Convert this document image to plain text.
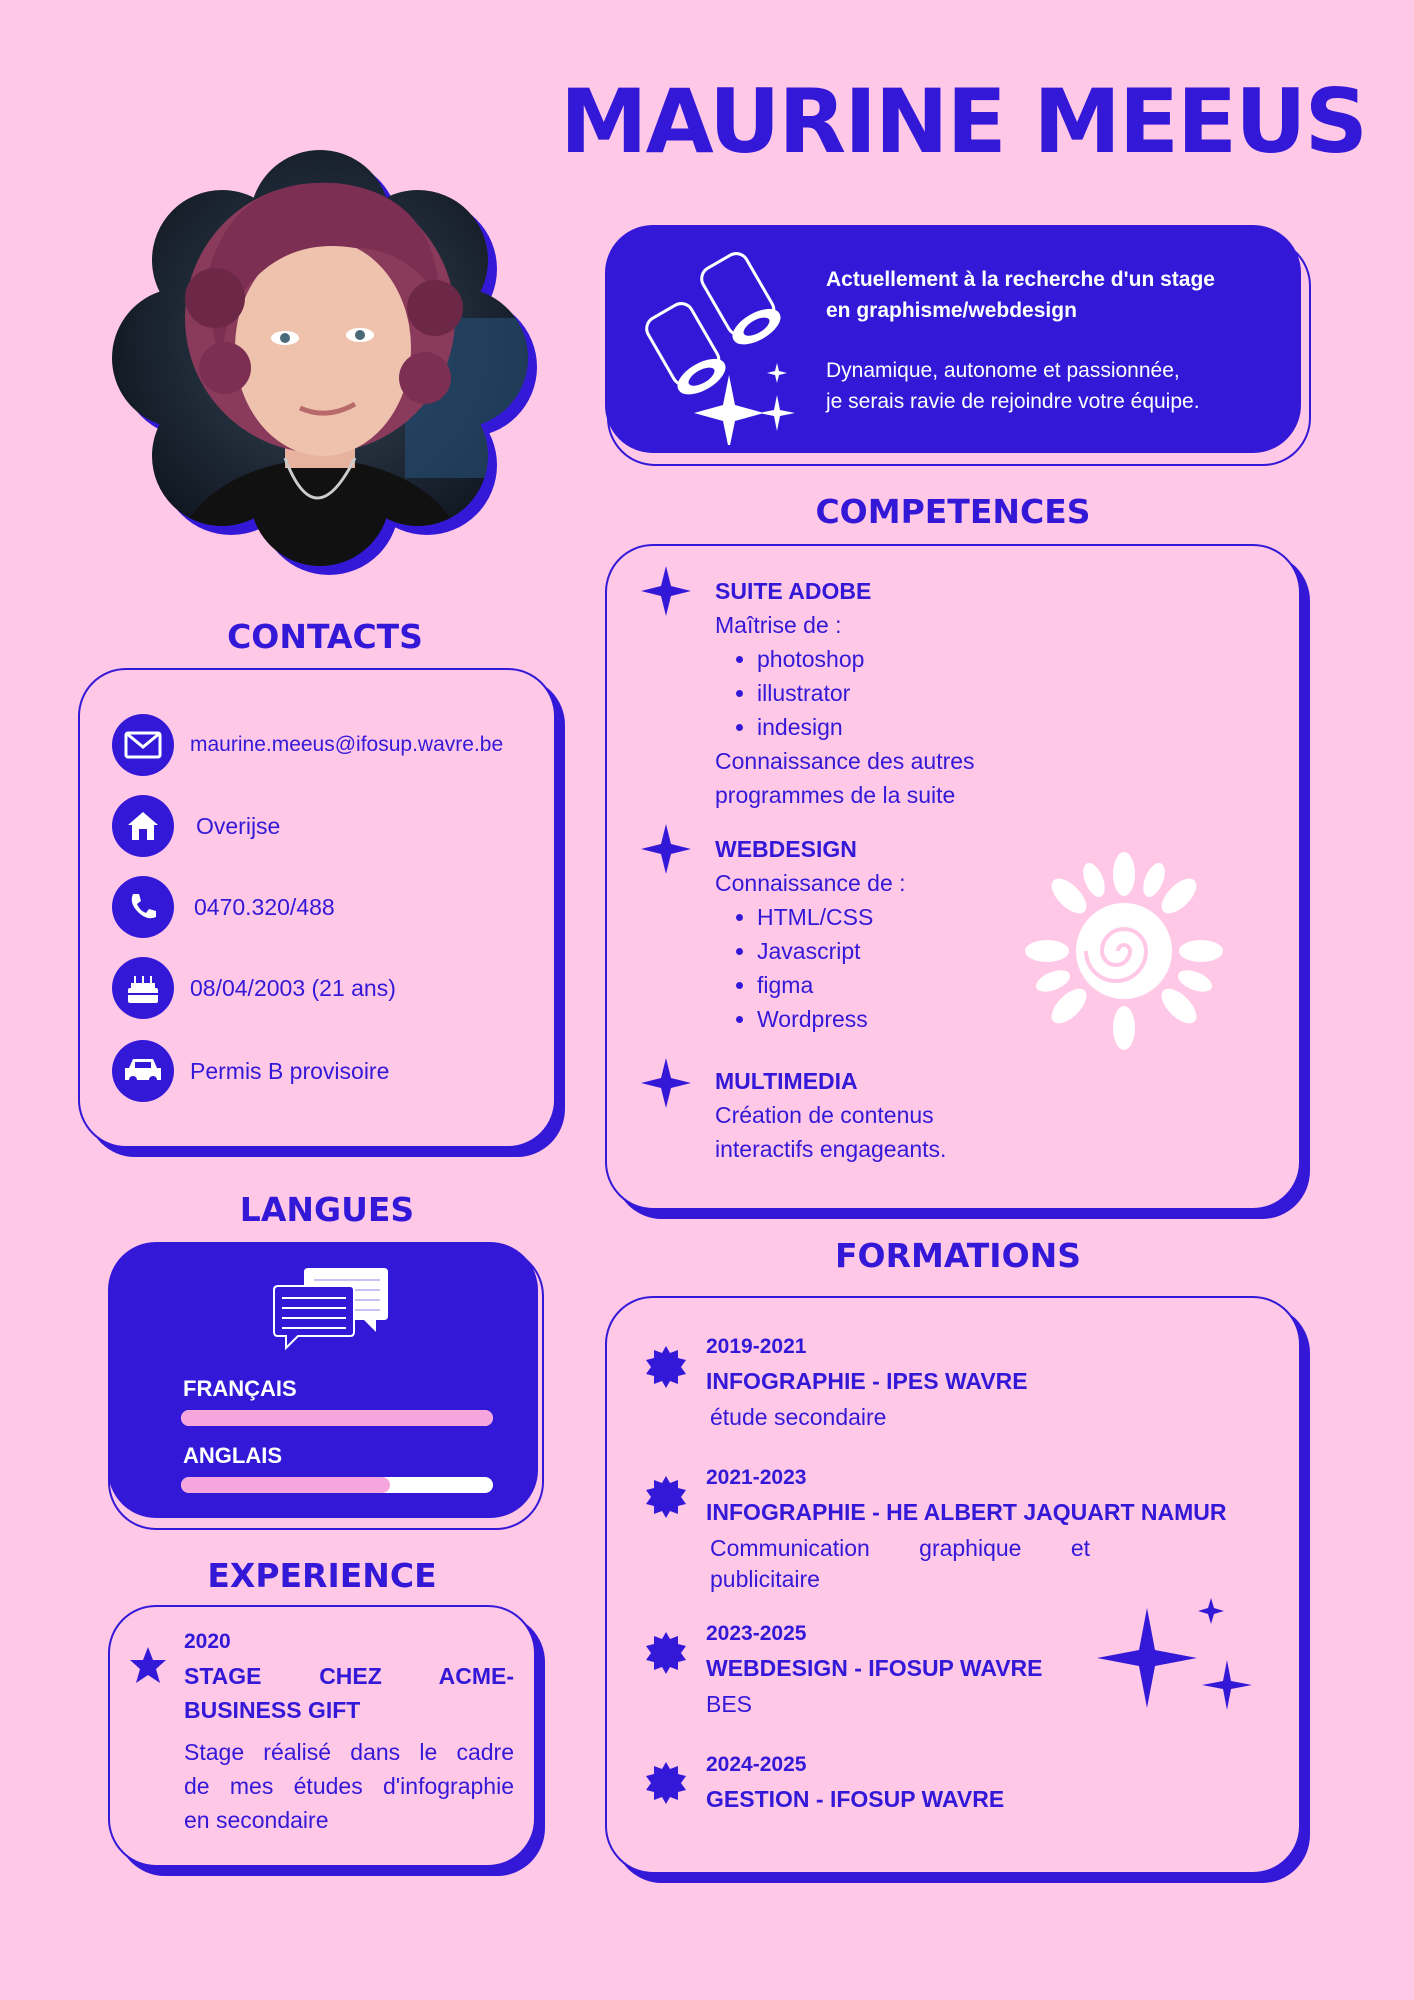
MAURINE MEEUS
Actuellement à la recherche d'un stage
en graphisme/webdesign
Dynamique, autonome et passionnée,
je serais ravie de rejoindre votre équipe.
COMPETENCES
SUITE ADOBE
Maîtrise de :
• photoshop
• illustrator
• indesign
Connaissance des autres
programmes de la suite
WEBDESIGN
Connaissance de :
• HTML/CSS
• Javascript
• figma
• Wordpress
MULTIMEDIA
Création de contenus
interactifs engageants.
CONTACTS
maurine.meeus@ifosup.wavre.be
Overijse
0470.320/488
08/04/2003 (21 ans)
Permis B provisoire
LANGUES
FRANÇAIS
ANGLAIS
EXPERIENCE
2020
STAGE CHEZ ACME-
BUSINESS GIFT
Stage réalisé dans le cadre
de mes études d'infographie
en secondaire
FORMATIONS
2019-2021
INFOGRAPHIE - IPES WAVRE
étude secondaire
2021-2023
INFOGRAPHIE - HE ALBERT JAQUART NAMUR
Communication graphique et
publicitaire
2023-2025
WEBDESIGN - IFOSUP WAVRE
BES
2024-2025
GESTION - IFOSUP WAVRE
